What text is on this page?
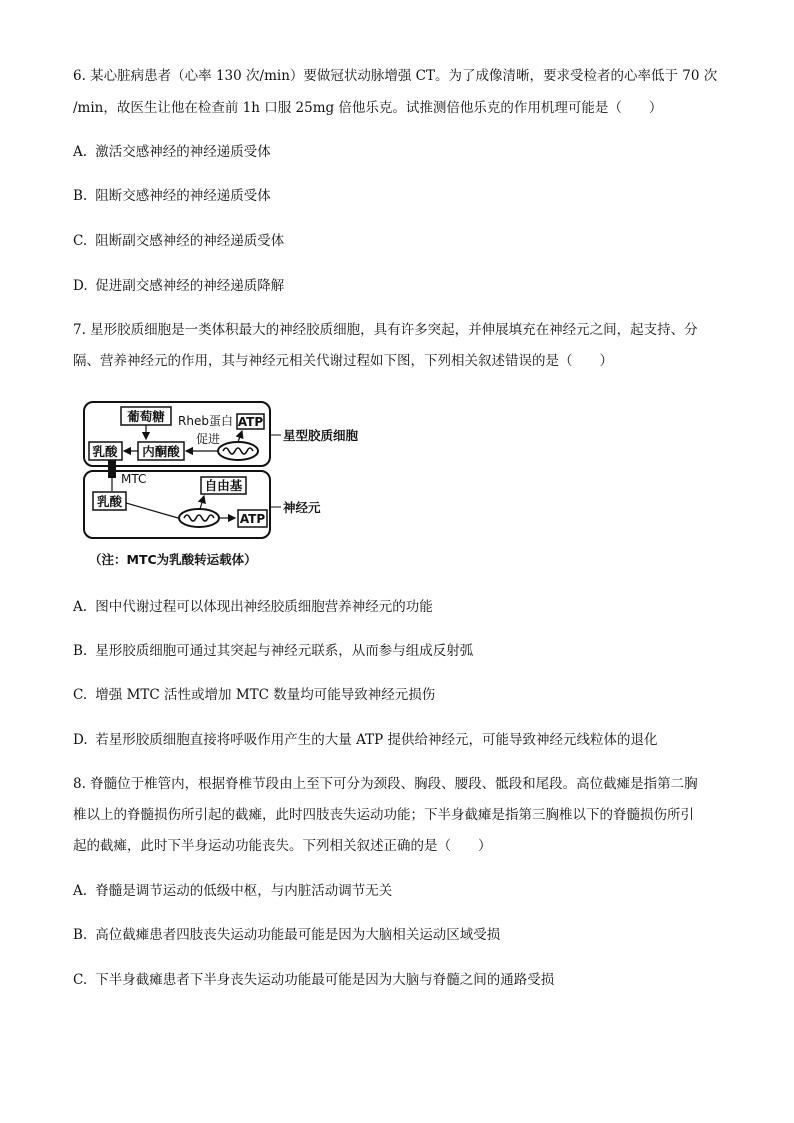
6. 某心脏病患者（心率 130 次/min）要做冠状动脉增强 CT。为了成像清晰，要求受检者的心率低于 70 次
/min，故医生让他在检查前 1h 口服 25mg 倍他乐克。试推测倍他乐克的作用机理可能是（　　）
A. 激活交感神经的神经递质受体
B. 阻断交感神经的神经递质受体
C. 阻断副交感神经的神经递质受体
D. 促进副交感神经的神经递质降解
7. 星形胶质细胞是一类体积最大的神经胶质细胞，具有许多突起，并伸展填充在神经元之间，起支持、分
隔、营养神经元的作用，其与神经元相关代谢过程如下图，下列相关叙述错误的是（　　）
葡萄糖 Rheb蛋白
促进
乳酸 内酮酸
ATP
星型胶质细胞
MTC
乳酸
自由基
ATP
神经元
（注：MTC为乳酸转运载体）
A. 图中代谢过程可以体现出神经胶质细胞营养神经元的功能
B. 星形胶质细胞可通过其突起与神经元联系，从而参与组成反射弧
C. 增强 MTC 活性或增加 MTC 数量均可能导致神经元损伤
D. 若星形胶质细胞直接将呼吸作用产生的大量 ATP 提供给神经元，可能导致神经元线粒体的退化
8. 脊髓位于椎管内，根据脊椎节段由上至下可分为颈段、胸段、腰段、骶段和尾段。高位截瘫是指第二胸
椎以上的脊髓损伤所引起的截瘫，此时四肢丧失运动功能；下半身截瘫是指第三胸椎以下的脊髓损伤所引
起的截瘫，此时下半身运动功能丧失。下列相关叙述正确的是（　　）
A. 脊髓是调节运动的低级中枢，与内脏活动调节无关
B. 高位截瘫患者四肢丧失运动功能最可能是因为大脑相关运动区域受损
C. 下半身截瘫患者下半身丧失运动功能最可能是因为大脑与脊髓之间的通路受损
